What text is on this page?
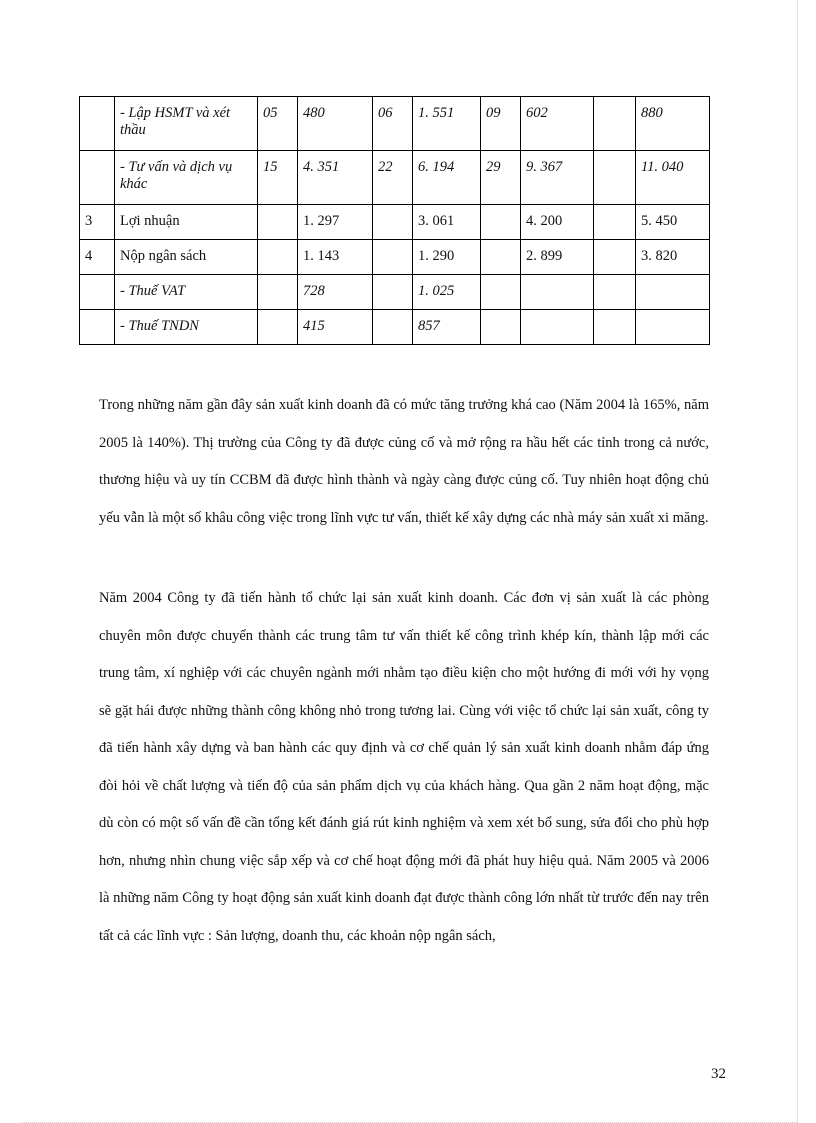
	- Lập HSMT và xét thầu	05	480	06	1. 551	09	602		880
	- Tư vấn và dịch vụ khác	15	4. 351	22	6. 194	29	9. 367		11. 040
3	Lợi nhuận		1. 297		3. 061		4. 200		5. 450
4	Nộp ngân sách		1. 143		1. 290		2. 899		3. 820
	- Thuế VAT		728		1. 025				
	- Thuế TNDN		415		857				

Trong những năm gần đây sản xuất kinh doanh đã có mức tăng trưởng khá cao (Năm 2004 là 165%, năm 2005 là 140%). Thị trường của Công ty đã được củng cố và mở rộng ra hầu hết các tỉnh trong cả nước, thương hiệu và uy tín CCBM đã được hình thành và ngày càng được củng cố. Tuy nhiên hoạt động chủ yếu vẫn là một số khâu công việc trong lĩnh vực tư vấn, thiết kế xây dựng các nhà máy sản xuất xi măng.

Năm 2004 Công ty đã tiến hành tổ chức lại sản xuất kinh doanh. Các đơn vị sản xuất là các phòng chuyên môn được chuyển thành các trung tâm tư vấn thiết kế công trình khép kín, thành lập mới các trung tâm, xí nghiệp với các chuyên ngành mới nhằm tạo điều kiện cho một hướng đi mới với hy vọng sẽ gặt hái được những thành công không nhỏ trong tương lai. Cùng với việc tổ chức lại sản xuất, công ty đã tiến hành xây dựng và ban hành các quy định và cơ chế quản lý sản xuất kinh doanh nhằm đáp ứng đòi hỏi về chất lượng và tiến độ của sản phẩm dịch vụ của khách hàng. Qua gần 2 năm hoạt động, mặc dù còn có một số vấn đề cần tổng kết đánh giá rút kinh nghiệm và xem xét bổ sung, sửa đổi cho phù hợp hơn, nhưng nhìn chung việc sắp xếp và cơ chế hoạt động mới đã phát huy hiệu quả. Năm 2005 và 2006 là những năm Công ty hoạt động sản xuất kinh doanh đạt được thành công lớn nhất từ trước đến nay trên tất cả các lĩnh vực : Sản lượng, doanh thu, các khoản nộp ngân sách,

32
